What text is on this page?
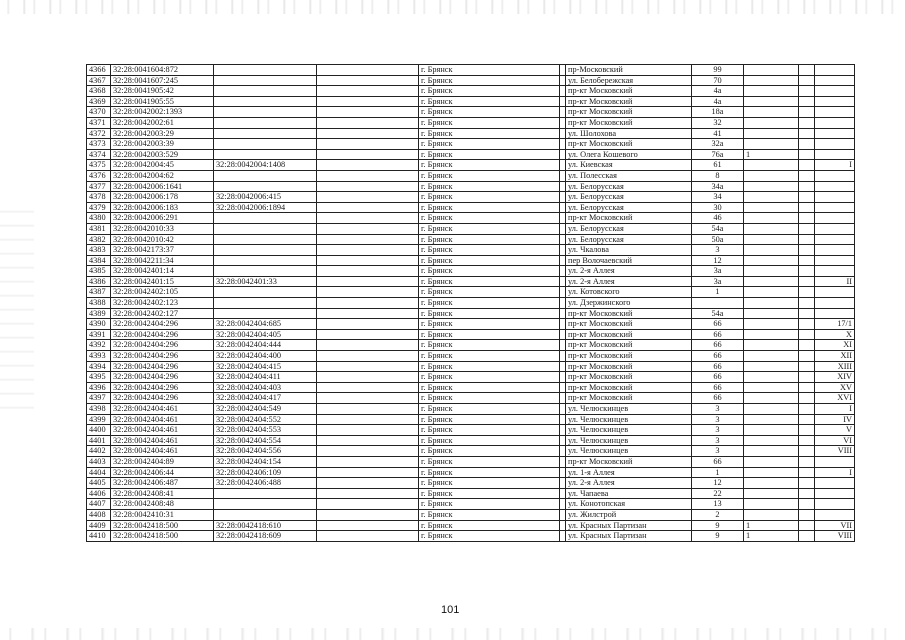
4366	32:28:0041604:872			г. Брянск		пр-Московский	99			
4367	32:28:0041607:245			г. Брянск		ул. Белобережская	70			
4368	32:28:0041905:42			г. Брянск		пр-кт Московский	4а			
4369	32:28:0041905:55			г. Брянск		пр-кт Московский	4а			
4370	32:28:0042002:1393			г. Брянск		пр-кт Московский	18а			
4371	32:28:0042002:61			г. Брянск		пр-кт Московский	32			
4372	32:28:0042003:29			г. Брянск		ул. Шолохова	41			
4373	32:28:0042003:39			г. Брянск		пр-кт Московский	32а			
4374	32:28:0042003:529			г. Брянск		ул. Олега Кошевого	76а	1		
4375	32:28:0042004:45	32:28:0042004:1408		г. Брянск		ул. Киевская	61			I
4376	32:28:0042004:62			г. Брянск		ул. Полесская	8			
4377	32:28:0042006:1641			г. Брянск		ул. Белорусская	34а			
4378	32:28:0042006:178	32:28:0042006:415		г. Брянск		ул. Белорусская	34			
4379	32:28:0042006:183	32:28:0042006:1894		г. Брянск		ул. Белорусская	30			
4380	32:28:0042006:291			г. Брянск		пр-кт Московский	46			
4381	32:28:0042010:33			г. Брянск		ул. Белорусская	54а			
4382	32:28:0042010:42			г. Брянск		ул. Белорусская	50а			
4383	32:28:0042173:37			г. Брянск		ул. Чкалова	3			
4384	32:28:0042211:34			г. Брянск		пер Волочаевский	12			
4385	32:28:0042401:14			г. Брянск		ул. 2-я Аллея	3а			
4386	32:28:0042401:15	32:28:0042401:33		г. Брянск		ул. 2-я Аллея	3а			II
4387	32:28:0042402:105			г. Брянск		ул. Котовского	1			
4388	32:28:0042402:123			г. Брянск		ул. Дзержинского				
4389	32:28:0042402:127			г. Брянск		пр-кт Московский	54а			
4390	32:28:0042404:296	32:28:0042404:685		г. Брянск		пр-кт Московский	66			17/1
4391	32:28:0042404:296	32:28:0042404:405		г. Брянск		пр-кт Московский	66			X
4392	32:28:0042404:296	32:28:0042404:444		г. Брянск		пр-кт Московский	66			XI
4393	32:28:0042404:296	32:28:0042404:400		г. Брянск		пр-кт Московский	66			XII
4394	32:28:0042404:296	32:28:0042404:415		г. Брянск		пр-кт Московский	66			XIII
4395	32:28:0042404:296	32:28:0042404:411		г. Брянск		пр-кт Московский	66			XIV
4396	32:28:0042404:296	32:28:0042404:403		г. Брянск		пр-кт Московский	66			XV
4397	32:28:0042404:296	32:28:0042404:417		г. Брянск		пр-кт Московский	66			XVI
4398	32:28:0042404:461	32:28:0042404:549		г. Брянск		ул. Челюскинцев	3			I
4399	32:28:0042404:461	32:28:0042404:552		г. Брянск		ул. Челюскинцев	3			IV
4400	32:28:0042404:461	32:28:0042404:553		г. Брянск		ул. Челюскинцев	3			V
4401	32:28:0042404:461	32:28:0042404:554		г. Брянск		ул. Челюскинцев	3			VI
4402	32:28:0042404:461	32:28:0042404:556		г. Брянск		ул. Челюскинцев	3			VIII
4403	32:28:0042404:89	32:28:0042404:154		г. Брянск		пр-кт Московский	66			
4404	32:28:0042406:44	32:28:0042406:109		г. Брянск		ул. 1-я Аллея	1			I
4405	32:28:0042406:487	32:28:0042406:488		г. Брянск		ул. 2-я Аллея	12			
4406	32:28:0042408:41			г. Брянск		ул. Чапаева	22			
4407	32:28:0042408:48			г. Брянск		ул. Конотопская	13			
4408	32:28:0042410:31			г. Брянск		ул. Жилстрой	2			
4409	32:28:0042418:500	32:28:0042418:610		г. Брянск		ул. Красных Партизан	9	1		VII
4410	32:28:0042418:500	32:28:0042418:609		г. Брянск		ул. Красных Партизан	9	1		VIII
101
